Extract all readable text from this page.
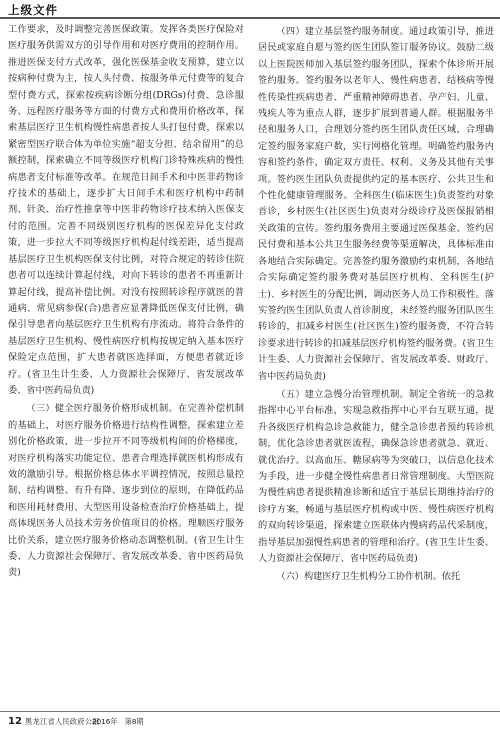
上级文件

工作要求，及时调整完善医保政策。发挥各类医疗保险对医疗服务供需双方的引导作用和对医疗费用的控制作用。推进医保支付方式改革，强化医保基金收支预算，建立以按病种付费为主，按人头付费、按服务单元付费等的复合型付费方式，探索按疾病诊断分组(DRGs)付费、急诊服务、远程医疗服务等方面的付费方式和费用价格改革，探索基层医疗卫生机构慢性病患者按人头打包付费，探索以紧密型医疗联合体为单位实施“超支分担、结余留用”的总额控制，探索确立不同等级医疗机构门诊特殊疾病的慢性病患者支付标准等改革。在规范日间手术和中医非药物诊疗技术的基础上，逐步扩大日间手术和医疗机构中药制剂、针灸、治疗性推拿等中医非药物诊疗技术纳入医保支付的范围。完善不同级别医疗机构的医保差异化支付政策，进一步拉大不同等级医疗机构起付线差距，适当提高基层医疗卫生机构医保支付比例，对符合规定的转诊住院患者可以连续计算起付线，对向下转诊的患者不再重新计算起付线，提高补偿比例。对没有按照转诊程序就医的普通病、常见病参保(合)患者应显著降低医保支付比例，确保引导患者向基层医疗卫生机构有序流动。将符合条件的基层医疗卫生机构、慢性病医疗机构按规定纳入基本医疗保险定点范围，扩大患者就医选择面，方便患者就近诊疗。(省卫生计生委、人力资源社会保障厅、省发展改革委、省中医药局负责)

（三）健全医疗服务价格形成机制。在完善补偿机制的基础上，对医疗服务价格进行结构性调整，探索建立差别化价格政策，进一步拉开不同等级机构间的价格梯度，对医疗机构落实功能定位、患者合理选择就医机构形成有效的激励引导。根据价格总体水平调控情况，按照总量控制、结构调整、有升有降、逐步到位的原则，在降低药品和医用耗材费用、大型医用设备检查治疗价格基础上，提高体现医务人员技术劳务价值项目的价格。理顺医疗服务比价关系，建立医疗服务价格动态调整机制。(省卫生计生委、人力资源社会保障厅、省发展改革委、省中医药局负责)

（四）建立基层签约服务制度。通过政策引导，推进居民或家庭自愿与签约医生团队签订服务协议。鼓励二级以上医院医师加入基层签约服务团队，探索个体诊所开展签约服务。签约服务以老年人、慢性病患者、结核病等慢性传染性疾病患者、严重精神障碍患者、孕产妇、儿童、残疾人等为重点人群，逐步扩展到普通人群。根据服务半径和服务人口，合理划分签约医生团队责任区域，合理确定签约服务家庭户数，实行网格化管理。明确签约服务内容和签约条件，确定双方责任、权利、义务及其他有关事项。签约医生团队负责提供约定的基本医疗、公共卫生和个性化健康管理服务。全科医生(临床医生)负责签约对象首诊，乡村医生(社区医生)负责对分级诊疗及医保报销相关政策的宣传。签约服务费用主要通过医保基金、签约居民付费和基本公共卫生服务经费等渠道解决，具体标准由各地结合实际确定。完善签约服务激励约束机制，各地结合实际确定签约服务费对基层医疗机构、全科医生(护士)、乡村医生的分配比例，调动医务人员工作积极性。落实签约医生团队负责人首诊制度，未经签约服务团队医生转诊的，扣减乡村医生(社区医生)签约服务费，不符合转诊要求进行转诊的扣减基层医疗机构签约服务费。(省卫生计生委、人力资源社会保障厅、省发展改革委、财政厅、省中医药局负责)

（五）建立急慢分治管理机制。制定全省统一的急救指挥中心平台标准，实现急救指挥中心平台互联互通，提升各级医疗机构急诊急救能力，健全急诊患者预约转诊机制，优化急诊患者就医流程，确保急诊患者就急、就近、就优治疗。以高血压、糖尿病等为突破口，以信息化技术为手段，进一步健全慢性病患者日常管理制度。大型医院为慢性病患者提供精准诊断和适宜于基层长期维持治疗的诊疗方案，畅通与基层医疗机构或中医、慢性病医疗机构的双向转诊渠道，探索建立医联体内慢病药品代采制度，指导基层加强慢性病患者的管理和治疗。(省卫生计生委、人力资源社会保障厅、省中医药局负责)

（六）构建医疗卫生机构分工协作机制。依托

12 黑龙江省人民政府公报
2016年　第8期
